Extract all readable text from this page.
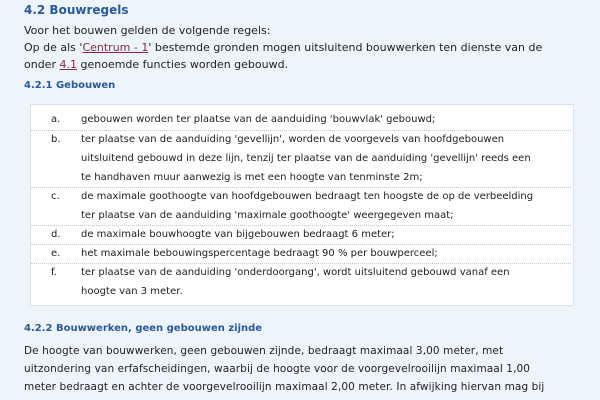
4.2 Bouwregels
Voor het bouwen gelden de volgende regels:
Op de als 'Centrum - 1' bestemde gronden mogen uitsluitend bouwwerken ten dienste van de
onder 4.1 genoemde functies worden gebouwd.
4.2.1 Gebouwen
a. gebouwen worden ter plaatse van de aanduiding 'bouwvlak' gebouwd;
b. ter plaatse van de aanduiding 'gevellijn', worden de voorgevels van hoofdgebouwen
uitsluitend gebouwd in deze lijn, tenzij ter plaatse van de aanduiding 'gevellijn' reeds een
te handhaven muur aanwezig is met een hoogte van tenminste 2m;
c. de maximale goothoogte van hoofdgebouwen bedraagt ten hoogste de op de verbeelding
ter plaatse van de aanduiding 'maximale goothoogte' weergegeven maat;
d. de maximale bouwhoogte van bijgebouwen bedraagt 6 meter;
e. het maximale bebouwingspercentage bedraagt 90 % per bouwperceel;
f. ter plaatse van de aanduiding 'onderdoorgang', wordt uitsluitend gebouwd vanaf een
hoogte van 3 meter.
4.2.2 Bouwwerken, geen gebouwen zijnde
De hoogte van bouwwerken, geen gebouwen zijnde, bedraagt maximaal 3,00 meter, met
uitzondering van erfafscheidingen, waarbij de hoogte voor de voorgevelrooilijn maximaal 1,00
meter bedraagt en achter de voorgevelrooilijn maximaal 2,00 meter. In afwijking hiervan mag bij
